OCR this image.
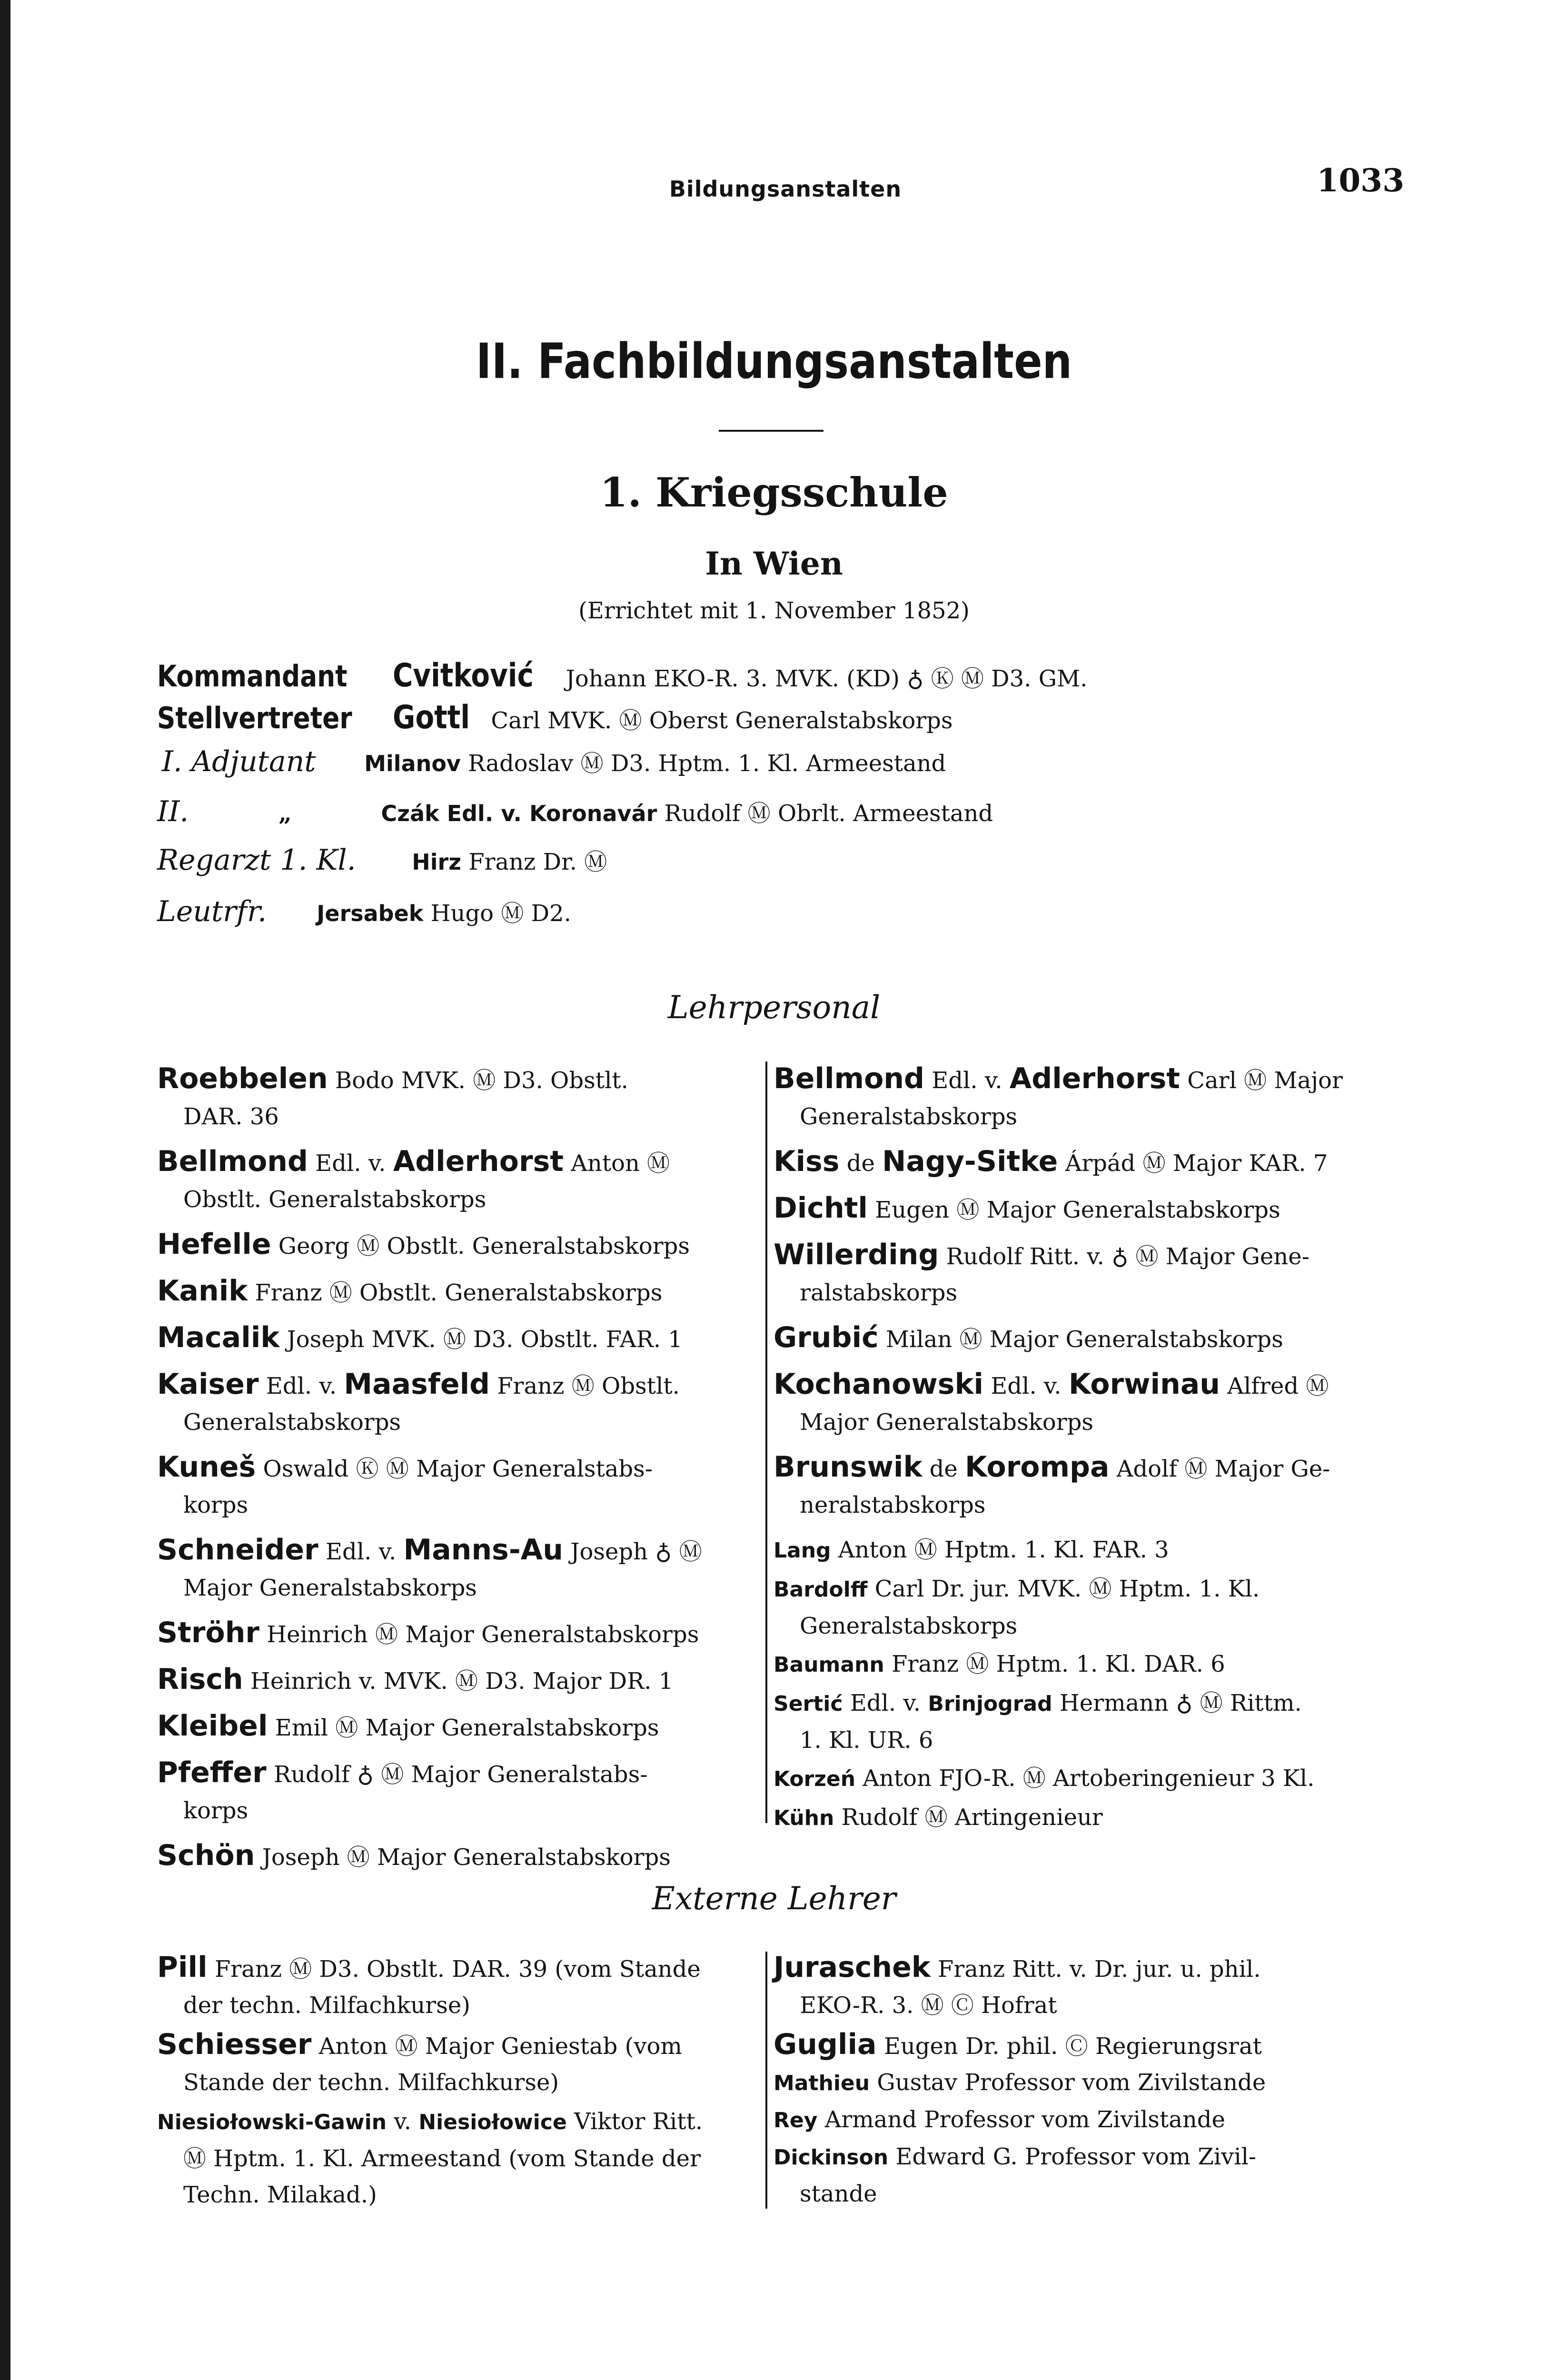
Bildungsanstalten	1033
II. Fachbildungsanstalten
1. Kriegsschule
In Wien
(Errichtet mit 1. November 1852)
Kommandant Cvitković Johann EKO-R. 3. MVK. (KD) ♁ Ⓚ Ⓜ D3. GM.
Stellvertreter Gottl Carl MVK. Ⓜ Oberst Generalstabskorps
I. Adjutant Milanov Radoslav Ⓜ D3. Hptm. 1. Kl. Armeestand
II.	„	Czák Edl. v. Koronavár Rudolf Ⓜ Obrlt. Armeestand
Regarzt 1. Kl.	Hirz Franz Dr. Ⓜ
Leutrfr. Jersabek Hugo Ⓜ D2.
Lehrpersonal
Roebbelen Bodo MVK. Ⓜ D3. Obstlt.
DAR. 36
Bellmond Edl. v. Adlerhorst Anton Ⓜ
Obstlt. Generalstabskorps
Hefelle Georg Ⓜ Obstlt. Generalstabskorps
Kanik Franz Ⓜ Obstlt. Generalstabskorps
Macalik Joseph MVK. Ⓜ D3. Obstlt. FAR. 1
Kaiser Edl. v. Maasfeld Franz Ⓜ Obstlt.
Generalstabskorps
Kuneš Oswald Ⓚ Ⓜ Major Generalstabs-
korps
Schneider Edl. v. Manns-Au Joseph ♁ Ⓜ
Major Generalstabskorps
Ströhr Heinrich Ⓜ Major Generalstabskorps
Risch Heinrich v. MVK. Ⓜ D3. Major DR. 1
Kleibel Emil Ⓜ Major Generalstabskorps
Pfeffer Rudolf ♁ Ⓜ Major Generalstabs-
korps
Schön Joseph Ⓜ Major Generalstabskorps
Bellmond Edl. v. Adlerhorst Carl Ⓜ Major
Generalstabskorps
Kiss de Nagy-Sitke Árpád Ⓜ Major KAR. 7
Dichtl Eugen Ⓜ Major Generalstabskorps
Willerding Rudolf Ritt. v. ♁ Ⓜ Major Gene-
ralstabskorps
Grubić Milan Ⓜ Major Generalstabskorps
Kochanowski Edl. v. Korwinau Alfred Ⓜ
Major Generalstabskorps
Brunswik de Korompa Adolf Ⓜ Major Ge-
neralstabskorps
Lang Anton Ⓜ Hptm. 1. Kl. FAR. 3
Bardolff Carl Dr. jur. MVK. Ⓜ Hptm. 1. Kl.
Generalstabskorps
Baumann Franz Ⓜ Hptm. 1. Kl. DAR. 6
Sertić Edl. v. Brinjograd Hermann ♁ Ⓜ Rittm.
1. Kl. UR. 6
Korzeń Anton FJO-R. Ⓜ Artoberingenieur 3 Kl.
Kühn Rudolf Ⓜ Artingenieur
Externe Lehrer
Pill Franz Ⓜ D3. Obstlt. DAR. 39 (vom Stande
der techn. Milfachkurse)
Schiesser Anton Ⓜ Major Geniestab (vom
Stande der techn. Milfachkurse)
Niesiołowski-Gawin v. Niesiołowice Viktor Ritt.
Ⓜ Hptm. 1. Kl. Armeestand (vom Stande der
Techn. Milakad.)
Juraschek Franz Ritt. v. Dr. jur. u. phil.
EKO-R. 3. Ⓜ Ⓒ Hofrat
Guglia Eugen Dr. phil. Ⓒ Regierungsrat
Mathieu Gustav Professor vom Zivilstande
Rey Armand Professor vom Zivilstande
Dickinson Edward G. Professor vom Zivil-
stande
